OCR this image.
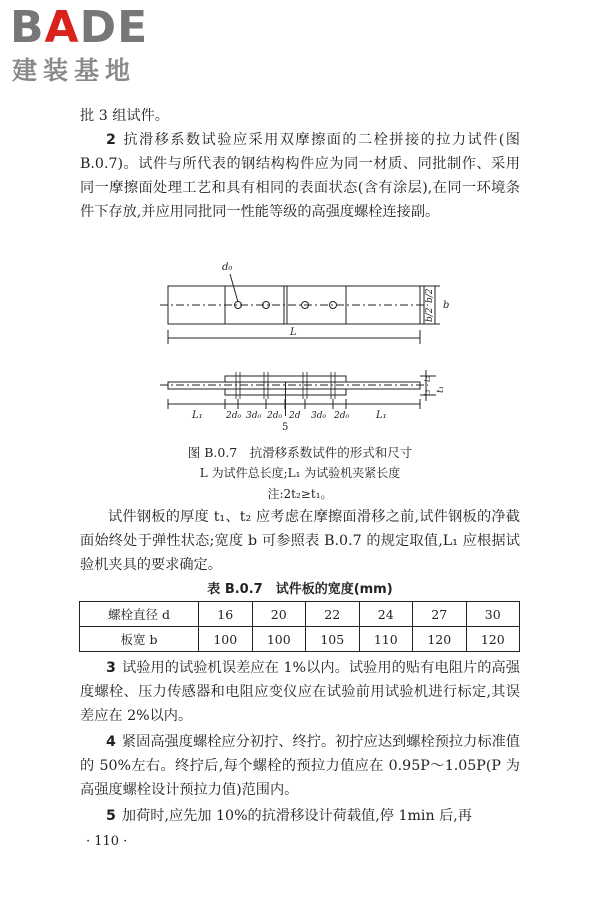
BADE
建装基地

批 3 组试件。

2 抗滑移系数试验应采用双摩擦面的二栓拼接的拉力试件(图 B.0.7)。试件与所代表的钢结构构件应为同一材质、同批制作、采用同一摩擦面处理工艺和具有相同的表面状态(含有涂层),在同一环境条件下存放,并应用同批同一性能等级的高强度螺栓连接副。

d₀
b/2
b/2
b
L
t₂
t₂ t₁
L₁	2d₀ 3d₀ 2d₀ 2d 3d₀ 2d₀	L₁
5
图 B.0.7　抗滑移系数试件的形式和尺寸
L 为试件总长度;L₁ 为试验机夹紧长度
注:2t₂≥t₁。

试件钢板的厚度 t₁、t₂ 应考虑在摩擦面滑移之前,试件钢板的净截面始终处于弹性状态;宽度 b 可参照表 B.0.7 的规定取值,L₁ 应根据试验机夹具的要求确定。

表 B.0.7　试件板的宽度(mm)
螺栓直径 d	16	20	22	24	27	30
板宽 b	100	100	105	110	120	120

3 试验用的试验机误差应在 1%以内。试验用的贴有电阻片的高强度螺栓、压力传感器和电阻应变仪应在试验前用试验机进行标定,其误差应在 2%以内。

4 紧固高强度螺栓应分初拧、终拧。初拧应达到螺栓预拉力标准值的 50%左右。终拧后,每个螺栓的预拉力值应在 0.95P～1.05P(P 为高强度螺栓设计预拉力值)范围内。

5 加荷时,应先加 10%的抗滑移设计荷载值,停 1min 后,再

· 110 ·
